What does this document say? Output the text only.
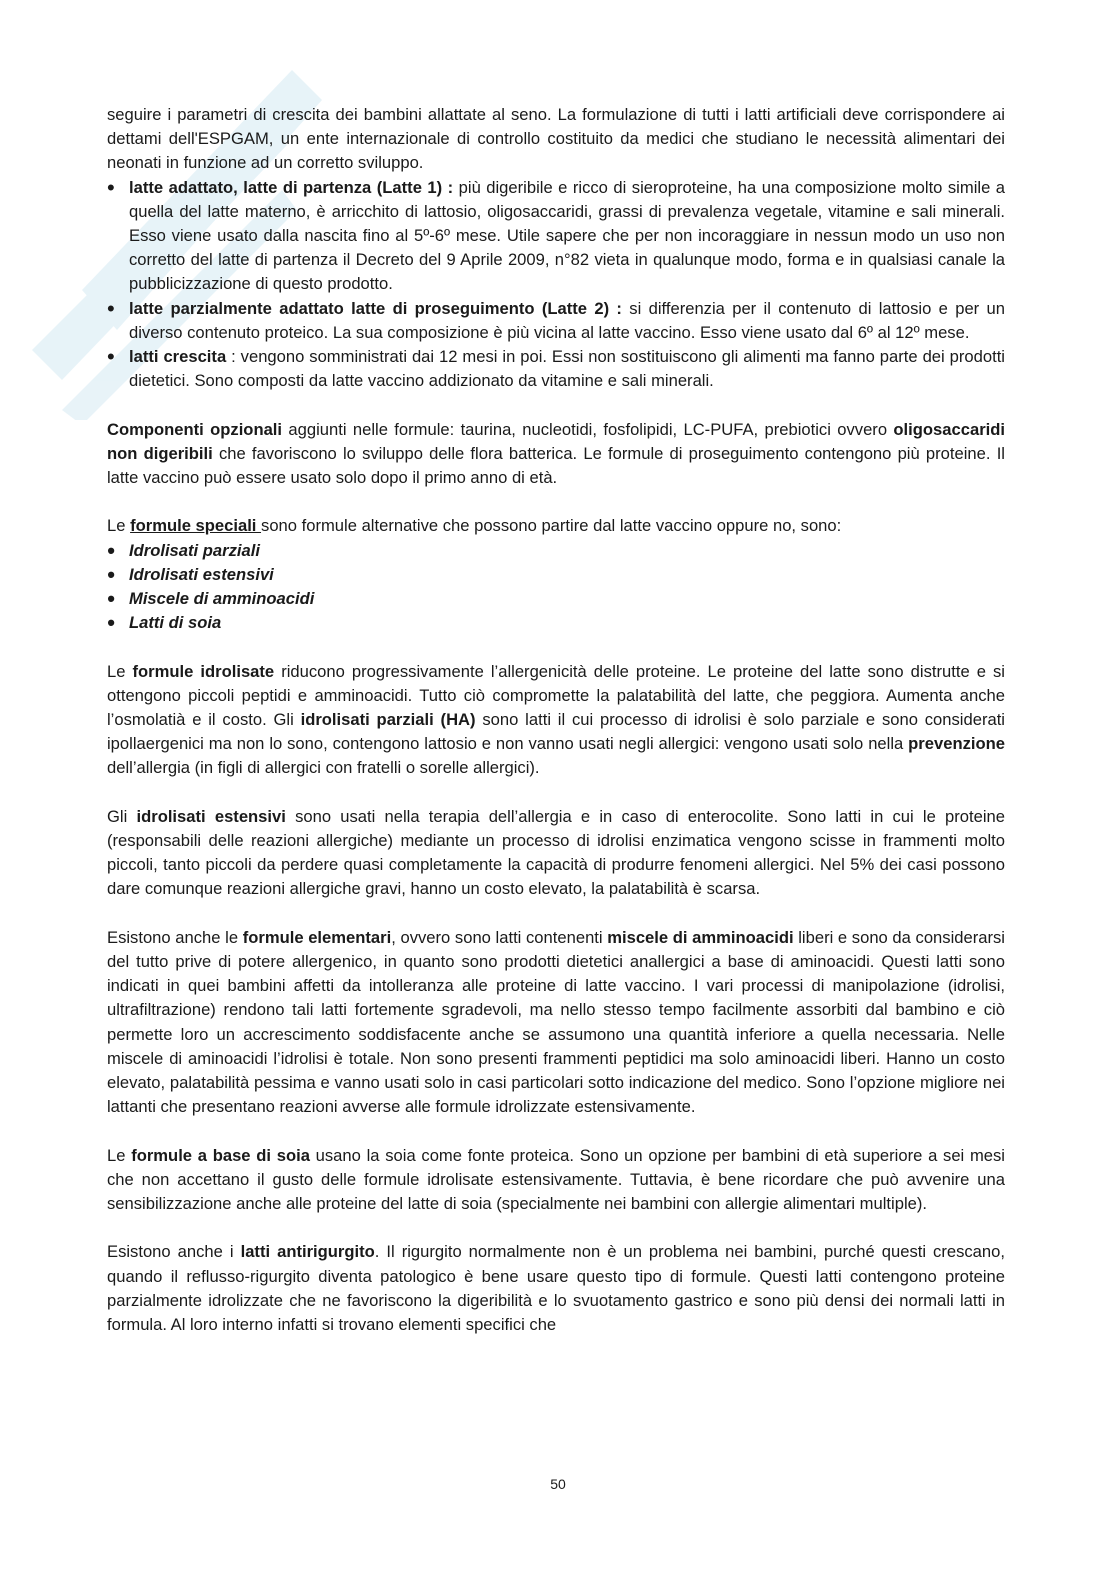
seguire i parametri di crescita dei bambini allattate al seno. La formulazione di tutti i latti artificiali deve corrispondere ai dettami dell'ESPGAM, un ente internazionale di controllo costituito da medici che studiano le necessità alimentari dei neonati in funzione ad un corretto sviluppo.

• latte adattato, latte di partenza (Latte 1) : più digeribile e ricco di sieroproteine, ha una composizione molto simile a quella del latte materno, è arricchito di lattosio, oligosaccaridi, grassi di prevalenza vegetale, vitamine e sali minerali. Esso viene usato dalla nascita fino al 5º-6º mese. Utile sapere che per non incoraggiare in nessun modo un uso non corretto del latte di partenza il Decreto del 9 Aprile 2009, n°82 vieta in qualunque modo, forma e in qualsiasi canale la pubblicizzazione di questo prodotto.
• latte parzialmente adattato latte di proseguimento (Latte 2) : si differenzia per il contenuto di lattosio e per un diverso contenuto proteico. La sua composizione è più vicina al latte vaccino. Esso viene usato dal 6º al 12º mese.
• latti crescita : vengono somministrati dai 12 mesi in poi. Essi non sostituiscono gli alimenti ma fanno parte dei prodotti dietetici. Sono composti da latte vaccino addizionato da vitamine e sali minerali.

Componenti opzionali aggiunti nelle formule: taurina, nucleotidi, fosfolipidi, LC-PUFA, prebiotici ovvero oligosaccaridi non digeribili che favoriscono lo sviluppo delle flora batterica. Le formule di proseguimento contengono più proteine. Il latte vaccino può essere usato solo dopo il primo anno di età.

Le formule speciali sono formule alternative che possono partire dal latte vaccino oppure no, sono:

• Idrolisati parziali
• Idrolisati estensivi
• Miscele di amminoacidi
• Latti di soia

Le formule idrolisate riducono progressivamente l’allergenicità delle proteine. Le proteine del latte sono distrutte e si ottengono piccoli peptidi e amminoacidi. Tutto ciò compromette la palatabilità del latte, che peggiora. Aumenta anche l’osmolatià e il costo. Gli idrolisati parziali (HA) sono latti il cui processo di idrolisi è solo parziale e sono considerati ipollaergenici ma non lo sono, contengono lattosio e non vanno usati negli allergici: vengono usati solo nella prevenzione dell’allergia (in figli di allergici con fratelli o sorelle allergici).

Gli idrolisati estensivi sono usati nella terapia dell’allergia e in caso di enterocolite. Sono latti in cui le proteine (responsabili delle reazioni allergiche) mediante un processo di idrolisi enzimatica vengono scisse in frammenti molto piccoli, tanto piccoli da perdere quasi completamente la capacità di produrre fenomeni allergici. Nel 5% dei casi possono dare comunque reazioni allergiche gravi, hanno un costo elevato, la palatabilità è scarsa.

Esistono anche le formule elementari, ovvero sono latti contenenti miscele di amminoacidi liberi e sono da considerarsi del tutto prive di potere allergenico, in quanto sono prodotti dietetici anallergici a base di aminoacidi. Questi latti sono indicati in quei bambini affetti da intolleranza alle proteine di latte vaccino. I vari processi di manipolazione (idrolisi, ultrafiltrazione) rendono tali latti fortemente sgradevoli, ma nello stesso tempo facilmente assorbiti dal bambino e ciò permette loro un accrescimento soddisfacente anche se assumono una quantità inferiore a quella necessaria. Nelle miscele di aminoacidi l’idrolisi è totale. Non sono presenti frammenti peptidici ma solo aminoacidi liberi. Hanno un costo elevato, palatabilità pessima e vanno usati solo in casi particolari sotto indicazione del medico. Sono l’opzione migliore nei lattanti che presentano reazioni avverse alle formule idrolizzate estensivamente.

Le formule a base di soia usano la soia come fonte proteica. Sono un opzione per bambini di età superiore a sei mesi che non accettano il gusto delle formule idrolisate estensivamente. Tuttavia, è bene ricordare che può avvenire una sensibilizzazione anche alle proteine del latte di soia (specialmente nei bambini con allergie alimentari multiple).

Esistono anche i latti antirigurgito. Il rigurgito normalmente non è un problema nei bambini, purché questi crescano, quando il reflusso-rigurgito diventa patologico è bene usare questo tipo di formule. Questi latti contengono proteine parzialmente idrolizzate che ne favoriscono la digeribilità e lo svuotamento gastrico e sono più densi dei normali latti in formula. Al loro interno infatti si trovano elementi specifici che

50
